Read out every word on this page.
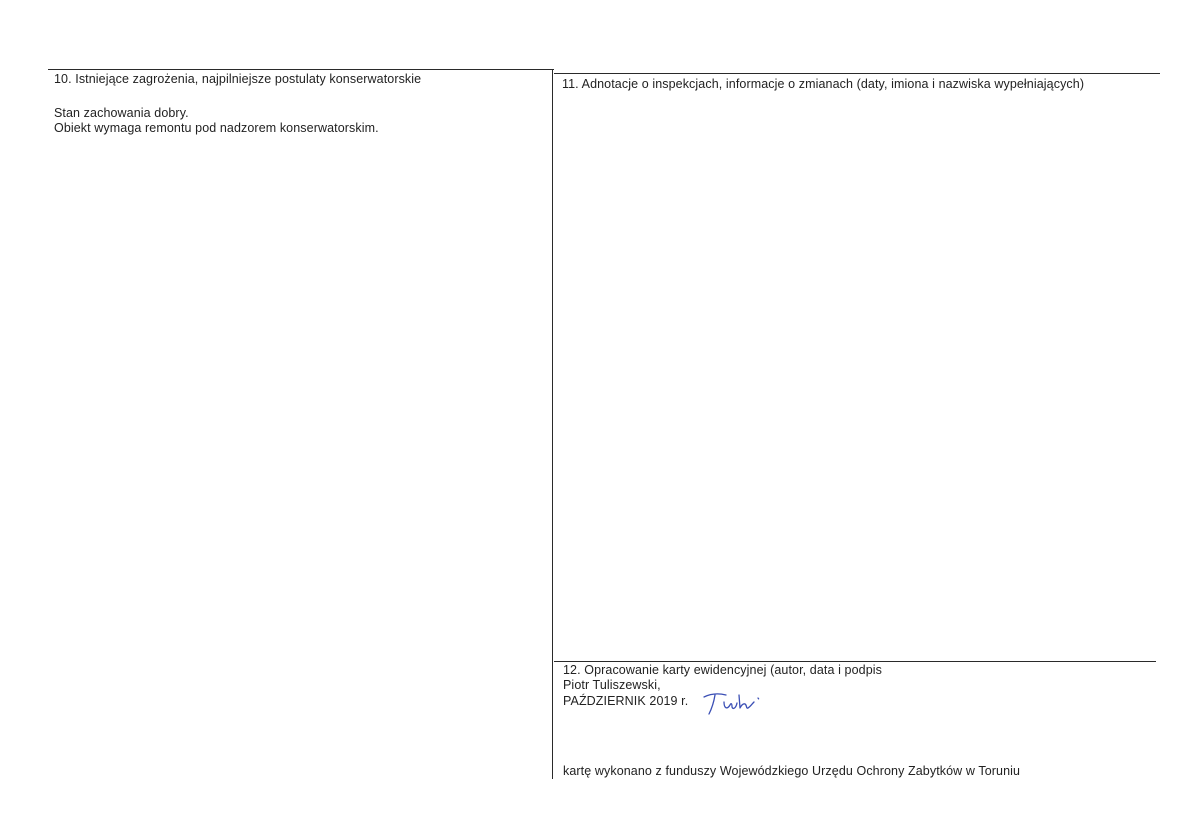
10. Istniejące zagrożenia, najpilniejsze postulaty konserwatorskie
Stan zachowania dobry.
Obiekt wymaga remontu pod nadzorem konserwatorskim.
11. Adnotacje o inspekcjach, informacje o zmianach (daty, imiona i nazwiska wypełniających)
12. Opracowanie karty ewidencyjnej (autor, data i podpis
Piotr Tuliszewski,
PAŹDZIERNIK 2019 r.
kartę wykonano z funduszy Wojewódzkiego Urzędu Ochrony Zabytków w Toruniu
